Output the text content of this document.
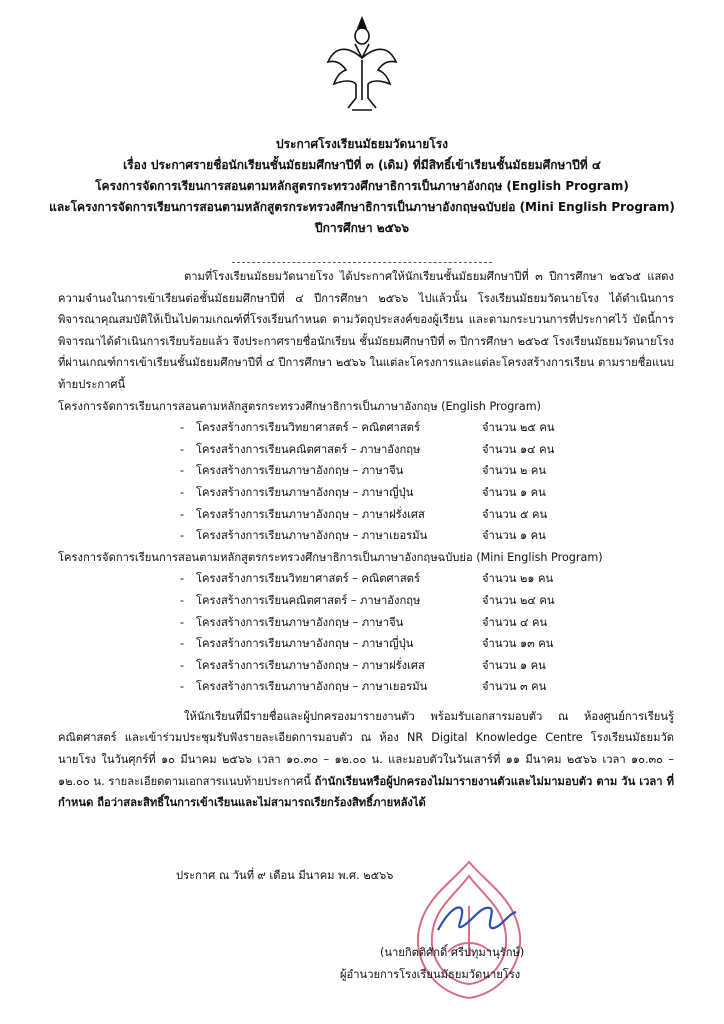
ประกาศโรงเรียนมัธยมวัดนายโรง
เรื่อง ประกาศรายชื่อนักเรียนชั้นมัธยมศึกษาปีที่ ๓ (เดิม) ที่มีสิทธิ์เข้าเรียนชั้นมัธยมศึกษาปีที่ ๔
โครงการจัดการเรียนการสอนตามหลักสูตรกระทรวงศึกษาธิการเป็นภาษาอังกฤษ (English Program)
และโครงการจัดการเรียนการสอนตามหลักสูตรกระทรวงศึกษาธิการเป็นภาษาอังกฤษฉบับย่อ (Mini English Program)
ปีการศึกษา ๒๕๖๖
ตามที่โรงเรียนมัธยมวัดนายโรง ได้ประกาศให้นักเรียนชั้นมัธยมศึกษาปีที่ ๓ ปีการศึกษา ๒๕๖๕ แสดงความจำนงในการเข้าเรียนต่อชั้นมัธยมศึกษาปีที่ ๔ ปีการศึกษา ๒๕๖๖ ไปแล้วนั้น โรงเรียนมัธยมวัดนายโรง ได้ดำเนินการพิจารณาคุณสมบัติให้เป็นไปตามเกณฑ์ที่โรงเรียนกำหนด ตามวัตถุประสงค์ของผู้เรียน และตามกระบวนการที่ประกาศไว้ บัดนี้การพิจารณาได้ดำเนินการเรียบร้อยแล้ว จึงประกาศรายชื่อนักเรียน ชั้นมัธยมศึกษาปีที่ ๓ ปีการศึกษา ๒๕๖๕ โรงเรียนมัธยมวัดนายโรง ที่ผ่านเกณฑ์การเข้าเรียนชั้นมัธยมศึกษาปีที่ ๔ ปีการศึกษา ๒๕๖๖ ในแต่ละโครงการและแต่ละโครงสร้างการเรียน ตามรายชื่อแนบท้ายประกาศนี้
โครงการจัดการเรียนการสอนตามหลักสูตรกระทรวงศึกษาธิการเป็นภาษาอังกฤษ (English Program)
-	โครงสร้างการเรียนวิทยาศาสตร์ – คณิตศาสตร์	จำนวน ๒๕ คน
-	โครงสร้างการเรียนคณิตศาสตร์ – ภาษาอังกฤษ	จำนวน ๑๔ คน
-	โครงสร้างการเรียนภาษาอังกฤษ – ภาษาจีน	จำนวน ๒ คน
-	โครงสร้างการเรียนภาษาอังกฤษ – ภาษาญี่ปุ่น	จำนวน ๑ คน
-	โครงสร้างการเรียนภาษาอังกฤษ – ภาษาฝรั่งเศส	จำนวน ๕ คน
-	โครงสร้างการเรียนภาษาอังกฤษ – ภาษาเยอรมัน	จำนวน ๑ คน
โครงการจัดการเรียนการสอนตามหลักสูตรกระทรวงศึกษาธิการเป็นภาษาอังกฤษฉบับย่อ (Mini English Program)
-	โครงสร้างการเรียนวิทยาศาสตร์ – คณิตศาสตร์	จำนวน ๒๑ คน
-	โครงสร้างการเรียนคณิตศาสตร์ – ภาษาอังกฤษ	จำนวน ๒๔ คน
-	โครงสร้างการเรียนภาษาอังกฤษ – ภาษาจีน	จำนวน ๔ คน
-	โครงสร้างการเรียนภาษาอังกฤษ – ภาษาญี่ปุ่น	จำนวน ๑๓ คน
-	โครงสร้างการเรียนภาษาอังกฤษ – ภาษาฝรั่งเศส	จำนวน ๑ คน
-	โครงสร้างการเรียนภาษาอังกฤษ – ภาษาเยอรมัน	จำนวน ๓ คน
ให้นักเรียนที่มีรายชื่อและผู้ปกครองมารายงานตัว พร้อมรับเอกสารมอบตัว ณ ห้องศูนย์การเรียนรู้คณิตศาสตร์ และเข้าร่วมประชุมรับฟังรายละเอียดการมอบตัว ณ ห้อง NR Digital Knowledge Centre โรงเรียนมัธยมวัดนายโรง ในวันศุกร์ที่ ๑๐ มีนาคม ๒๕๖๖ เวลา ๑๐.๓๐ – ๑๒.๐๐ น. และมอบตัวในวันเสาร์ที่ ๑๑ มีนาคม ๒๕๖๖ เวลา ๑๐.๓๐ – ๑๒.๐๐ น. รายละเอียดตามเอกสารแนบท้ายประกาศนี้ ถ้านักเรียนหรือผู้ปกครองไม่มารายงานตัวและไม่มามอบตัว ตาม วัน เวลา ที่กำหนด ถือว่าสละสิทธิ์ในการเข้าเรียนและไม่สามารถเรียกร้องสิทธิ์ภายหลังได้
ประกาศ ณ วันที่ ๙ เดือน มีนาคม พ.ศ. ๒๕๖๖
(นายกิตติศักดิ์ ศรีปทุมานุรักษ์)
ผู้อำนวยการโรงเรียนมัธยมวัดนายโรง
